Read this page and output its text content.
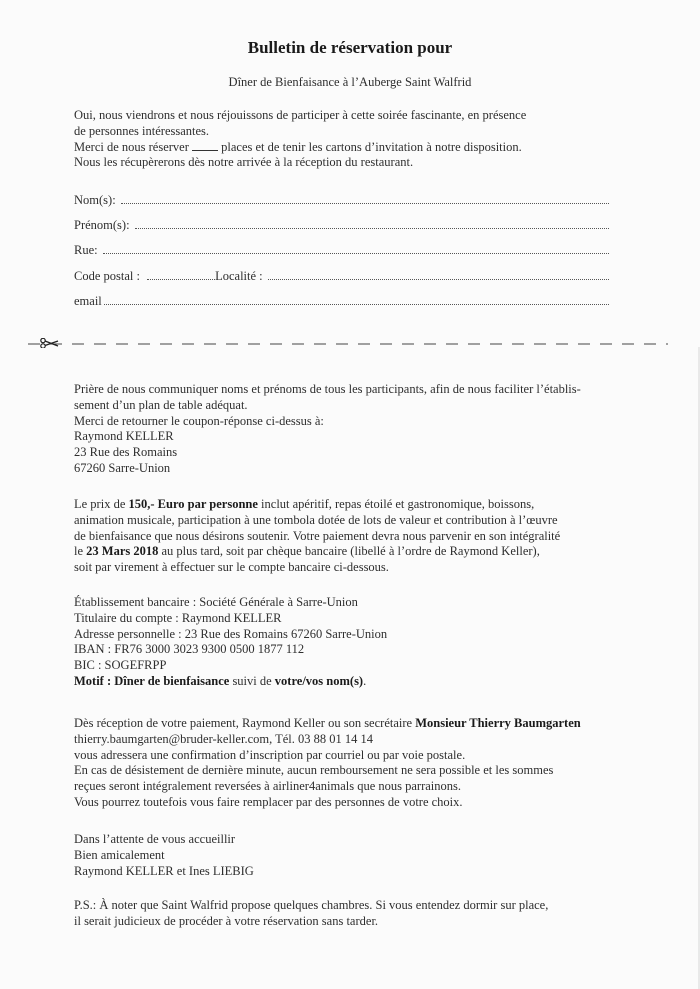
Bulletin de réservation pour
Dîner de Bienfaisance à l’Auberge Saint Walfrid
Oui, nous viendrons et nous réjouissons de participer à cette soirée fascinante, en présence
de personnes intéressantes.
Merci de nous réserver  places et de tenir les cartons d’invitation à notre disposition.
Nous les récupèrerons dès notre arrivée à la réception du restaurant.
Nom(s):
Prénom(s):
Rue:
Code postal :	Localité :
email
Prière de nous communiquer noms et prénoms de tous les participants, afin de nous faciliter l’établis-
sement d’un plan de table adéquat.
Merci de retourner le coupon-réponse ci-dessus à:
Raymond KELLER
23 Rue des Romains
67260 Sarre-Union
Le prix de 150,- Euro par personne inclut apéritif, repas étoilé et gastronomique, boissons,
animation musicale, participation à une tombola dotée de lots de valeur et contribution à l’œuvre
de bienfaisance que nous désirons soutenir. Votre paiement devra nous parvenir en son intégralité
le 23 Mars 2018 au plus tard, soit par chèque bancaire (libellé à l’ordre de Raymond Keller),
soit par virement à effectuer sur le compte bancaire ci-dessous.
Établissement bancaire : Société Générale à Sarre-Union
Titulaire du compte : Raymond KELLER
Adresse personnelle : 23 Rue des Romains 67260 Sarre-Union
IBAN : FR76 3000 3023 9300 0500 1877 112
BIC : SOGEFRPP
Motif : Dîner de bienfaisance suivi de votre/vos nom(s).
Dès réception de votre paiement, Raymond Keller ou son secrétaire Monsieur Thierry Baumgarten
thierry.baumgarten@bruder-keller.com, Tél. 03 88 01 14 14
vous adressera une confirmation d’inscription par courriel ou par voie postale.
En cas de désistement de dernière minute, aucun remboursement ne sera possible et les sommes
reçues seront intégralement reversées à airliner4animals que nous parrainons.
Vous pourrez toutefois vous faire remplacer par des personnes de votre choix.
Dans l’attente de vous accueillir
Bien amicalement
Raymond KELLER et Ines LIEBIG
P.S.: À noter que Saint Walfrid propose quelques chambres. Si vous entendez dormir sur place,
il serait judicieux de procéder à votre réservation sans tarder.
